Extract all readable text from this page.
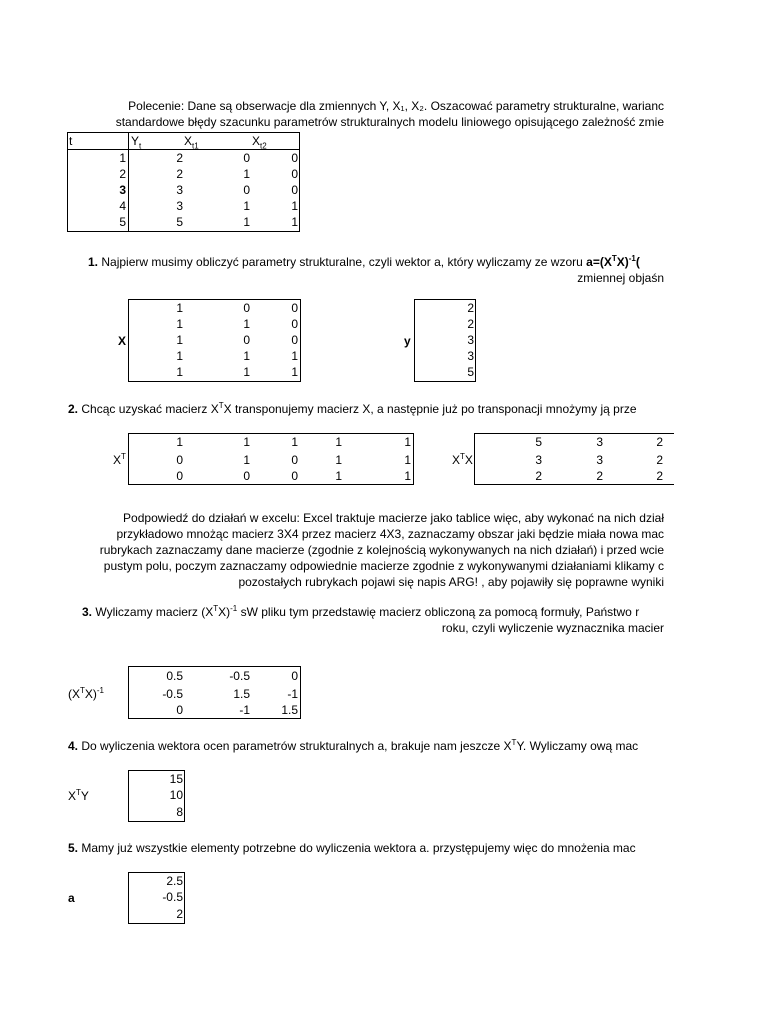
Polecenie: Dane są obserwacje dla zmiennych Y, X₁, X₂. Oszacować parametry strukturalne, warianc
standardowe błędy szacunku parametrów strukturalnych modelu liniowego opisującego zależność zmie
t	$Y_t$	$X_{t1}$	$X_{t2}$
1	2	0	0
2	2	1	0
3	3	0	0
4	3	1	1
5	5	1	1
1. Najpierw musimy obliczyć parametry strukturalne, czyli wektor a, który wyliczamy ze wzoru $a=(X^TX)^{-1}$(
zmiennej objaśn
X
1	0	0
1	1	0
1	0	0
1	1	1
1	1	1
y
2
2
3
3
5
2. Chcąc uzyskać macierz $X^TX$ transponujemy macierz X, a następnie już po transponacji mnożymy ją prze
$X^T$
1	1	1	1	1
0	1	0	1	1
0	0	0	1	1
$X^TX$
5	3	2
3	3	2
2	2	2
Podpowiedź do działań w excelu: Excel traktuje macierze jako tablice więc, aby wykonać na nich dział
przykładowo mnożąc macierz 3X4 przez macierz 4X3, zaznaczamy obszar jaki będzie miała nowa mac
rubrykach zaznaczamy dane macierze (zgodnie z kolejnością wykonywanych na nich działań) i przed wcie
pustym polu, poczym zaznaczamy odpowiednie macierze zgodnie z wykonywanymi działaniami klikamy c
pozostałych rubrykach pojawi się napis ARG! , aby pojawiły się poprawne wyniki
3. Wyliczamy macierz $(X^TX)^{-1}$ sW pliku tym przedstawię macierz obliczoną za pomocą formuły, Państwo r
roku, czyli wyliczenie wyznacznika macier
$(X^TX)^{-1}$
0.5	-0.5	0
-0.5	1.5	-1
0	-1	1.5
4. Do wyliczenia wektora ocen parametrów strukturalnych a, brakuje nam jeszcze $X^TY$. Wyliczamy ową mac
$X^TY$
15
10
8
5. Mamy już wszystkie elementy potrzebne do wyliczenia wektora a. przystępujemy więc do mnożenia mac
a
2.5
-0.5
2
